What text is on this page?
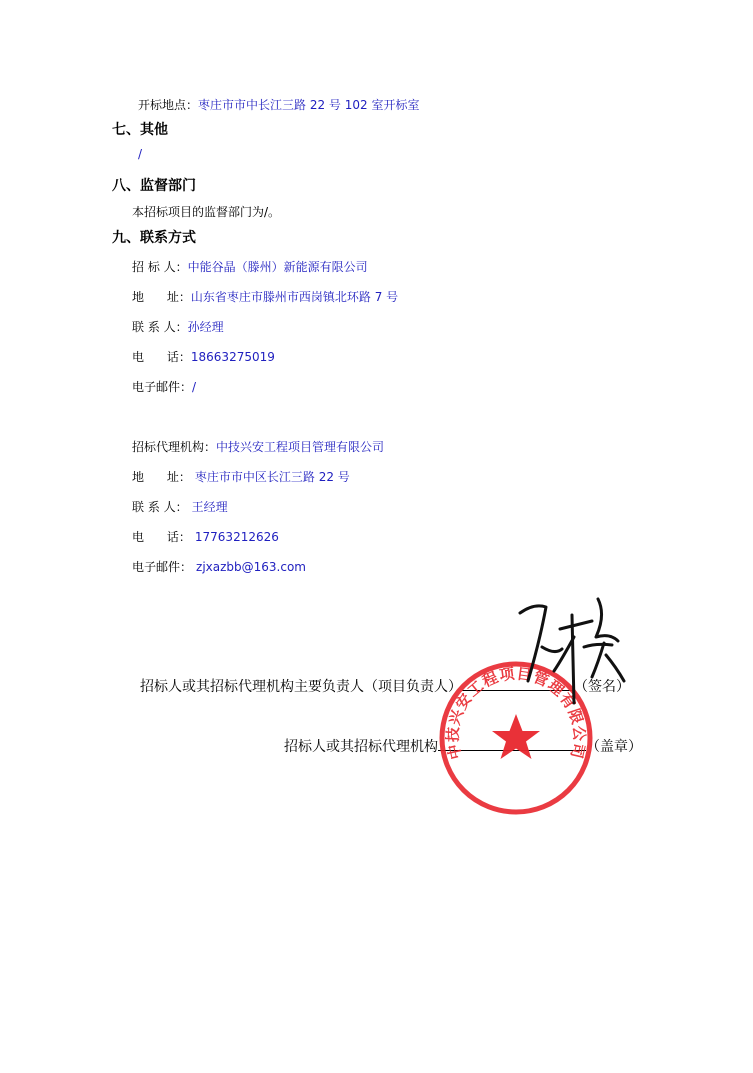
开标地点：枣庄市市中长江三路 22 号 102 室开标室
七、其他
/
八、监督部门
本招标项目的监督部门为/。
九、联系方式
招 标 人：中能谷晶（滕州）新能源有限公司
地      址：山东省枣庄市滕州市西岗镇北环路 7 号
联 系 人：孙经理
电      话：18663275019
电子邮件：/
招标代理机构：中技兴安工程项目管理有限公司
地      址： 枣庄市市中区长江三路 22 号
联 系 人： 王经理
电      话： 17763212626
电子邮件： zjxazbb@163.com
招标人或其招标代理机构主要负责人（项目负责人）	（签名）
招标人或其招标代理机构	（盖章）
中技兴安工程项目管理有限公司
